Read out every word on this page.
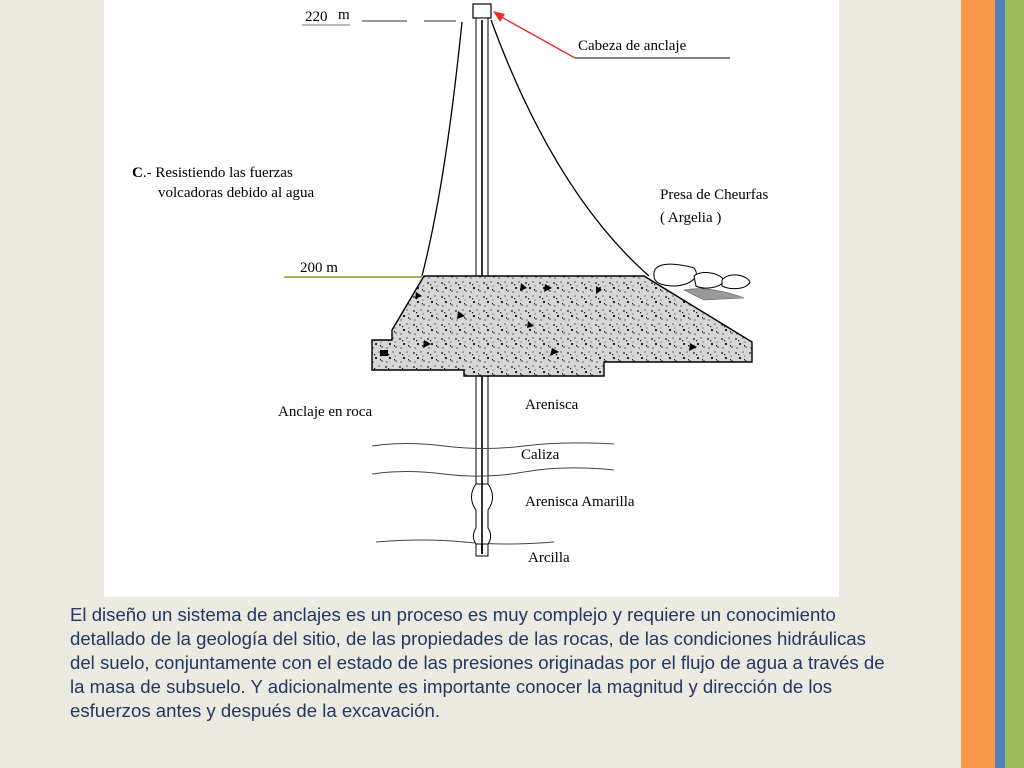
220 m
Cabeza de anclaje
200 m
Anclaje en roca
C.- Resistiendo las fuerzas
volcadoras debido al agua	Presa de Cheurfas
( Argelia )
Arenisca
Caliza
Arenisca Amarilla
Arcilla

El diseño un sistema de anclajes es un proceso es muy complejo y requiere un conocimiento detallado de la geología del sitio, de las propiedades de las rocas, de las condiciones hidráulicas del suelo, conjuntamente con el estado de las presiones originadas por el flujo de agua a través de la masa de subsuelo. Y adicionalmente es importante conocer la magnitud y dirección de los esfuerzos antes y después de la excavación.
